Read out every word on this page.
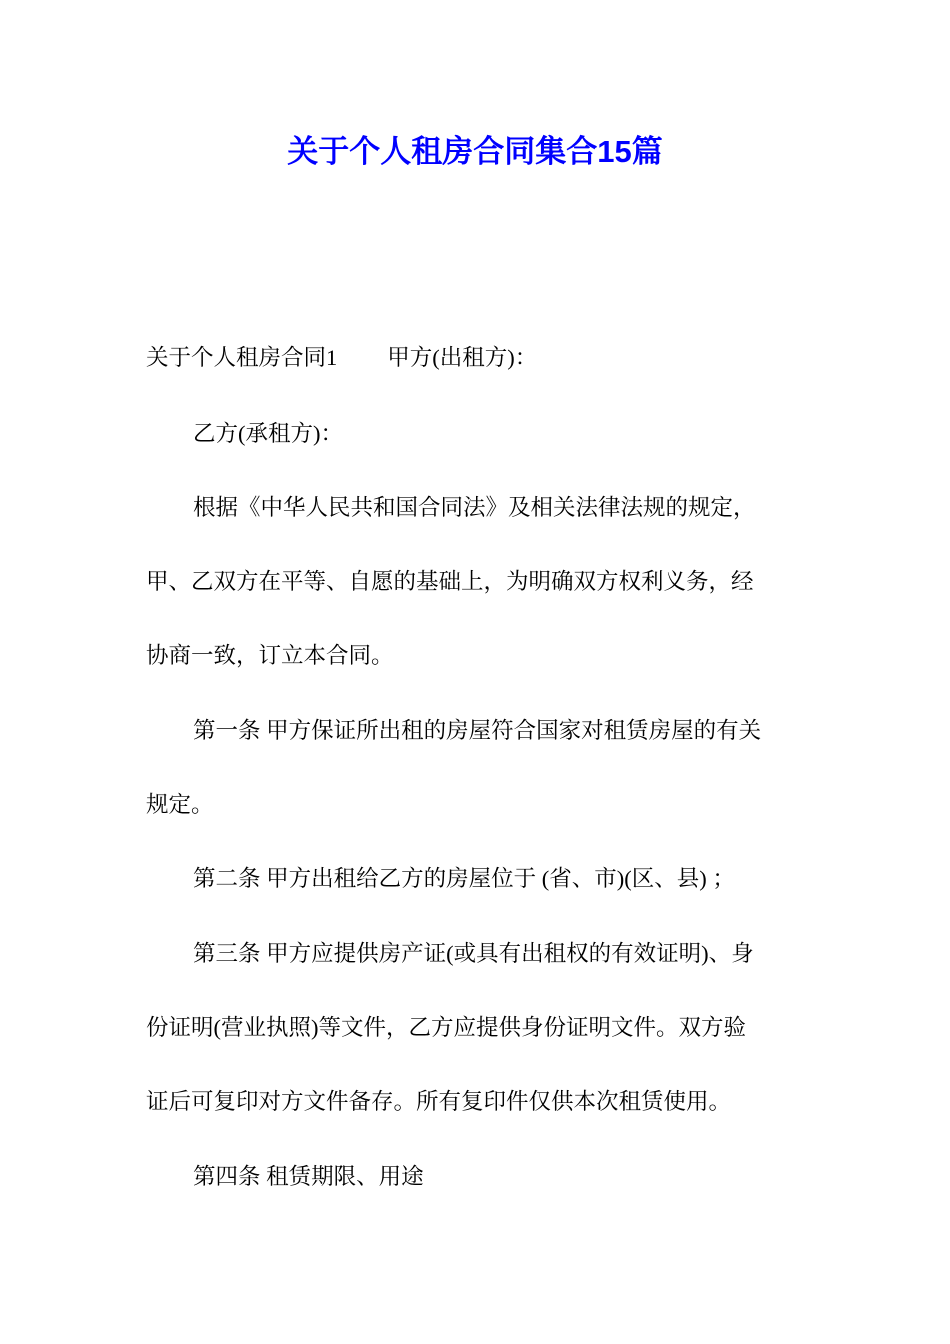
关于个人租房合同集合15篇

关于个人租房合同1 甲方(出租方)：

乙方(承租方)：

根据《中华人民共和国合同法》及相关法律法规的规定，

甲、乙双方在平等、自愿的基础上，为明确双方权利义务，经

协商一致，订立本合同。

第一条 甲方保证所出租的房屋符合国家对租赁房屋的有关

规定。

第二条 甲方出租给乙方的房屋位于 (省、市)(区、县) ；

第三条 甲方应提供房产证(或具有出租权的有效证明)、身

份证明(营业执照)等文件，乙方应提供身份证明文件。双方验

证后可复印对方文件备存。所有复印件仅供本次租赁使用。

第四条 租赁期限、用途
